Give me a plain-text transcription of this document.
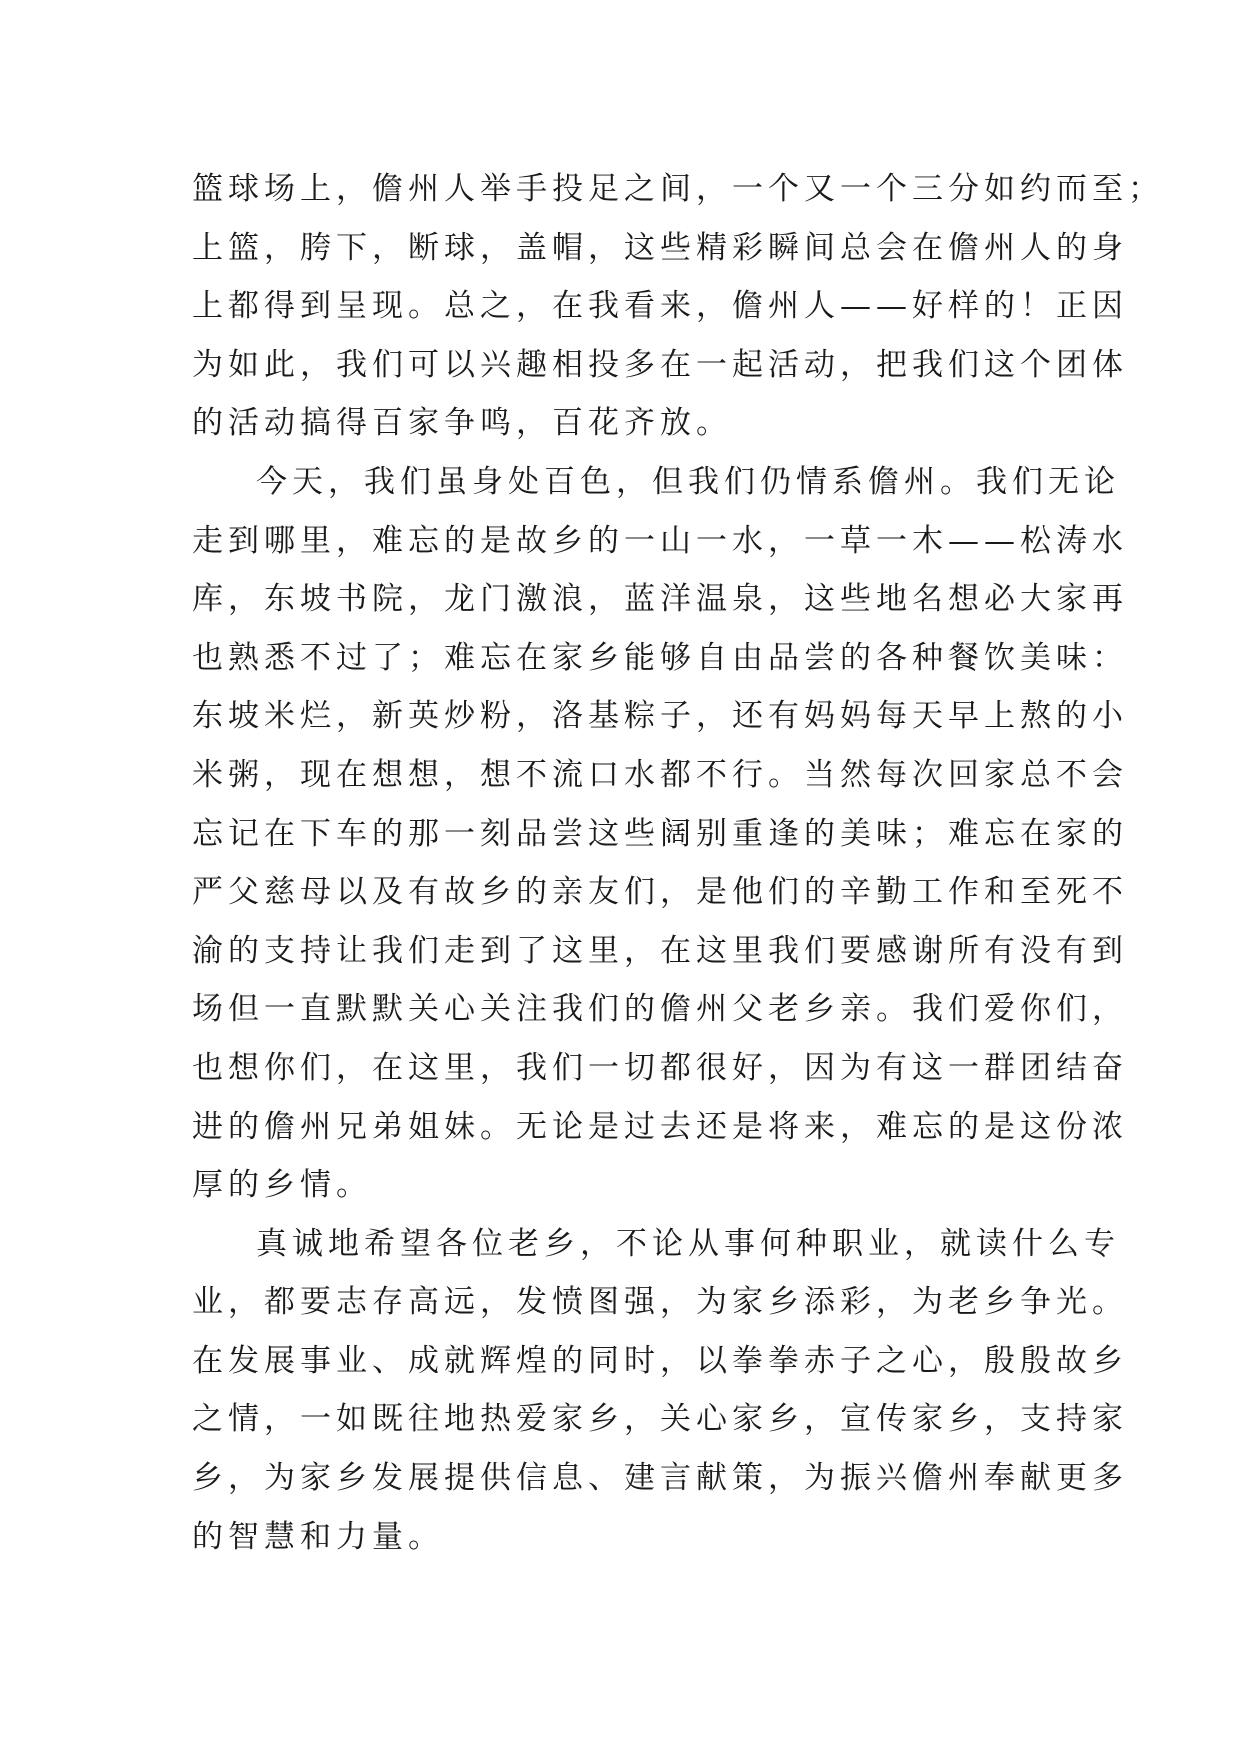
篮球场上，儋州人举手投足之间，一个又一个三分如约而至；
上篮，胯下，断球，盖帽，这些精彩瞬间总会在儋州人的身
上都得到呈现。总之，在我看来，儋州人——好样的！正因
为如此，我们可以兴趣相投多在一起活动，把我们这个团体
的活动搞得百家争鸣，百花齐放。
今天，我们虽身处百色，但我们仍情系儋州。我们无论
走到哪里，难忘的是故乡的一山一水，一草一木——松涛水
库，东坡书院，龙门激浪，蓝洋温泉，这些地名想必大家再
也熟悉不过了；难忘在家乡能够自由品尝的各种餐饮美味：
东坡米烂，新英炒粉，洛基粽子，还有妈妈每天早上熬的小
米粥，现在想想，想不流口水都不行。当然每次回家总不会
忘记在下车的那一刻品尝这些阔别重逢的美味；难忘在家的
严父慈母以及有故乡的亲友们，是他们的辛勤工作和至死不
渝的支持让我们走到了这里，在这里我们要感谢所有没有到
场但一直默默关心关注我们的儋州父老乡亲。我们爱你们，
也想你们，在这里，我们一切都很好，因为有这一群团结奋
进的儋州兄弟姐妹。无论是过去还是将来，难忘的是这份浓
厚的乡情。
真诚地希望各位老乡，不论从事何种职业，就读什么专
业，都要志存高远，发愤图强，为家乡添彩，为老乡争光。
在发展事业、成就辉煌的同时，以拳拳赤子之心，殷殷故乡
之情，一如既往地热爱家乡，关心家乡，宣传家乡，支持家
乡，为家乡发展提供信息、建言献策，为振兴儋州奉献更多
的智慧和力量。
